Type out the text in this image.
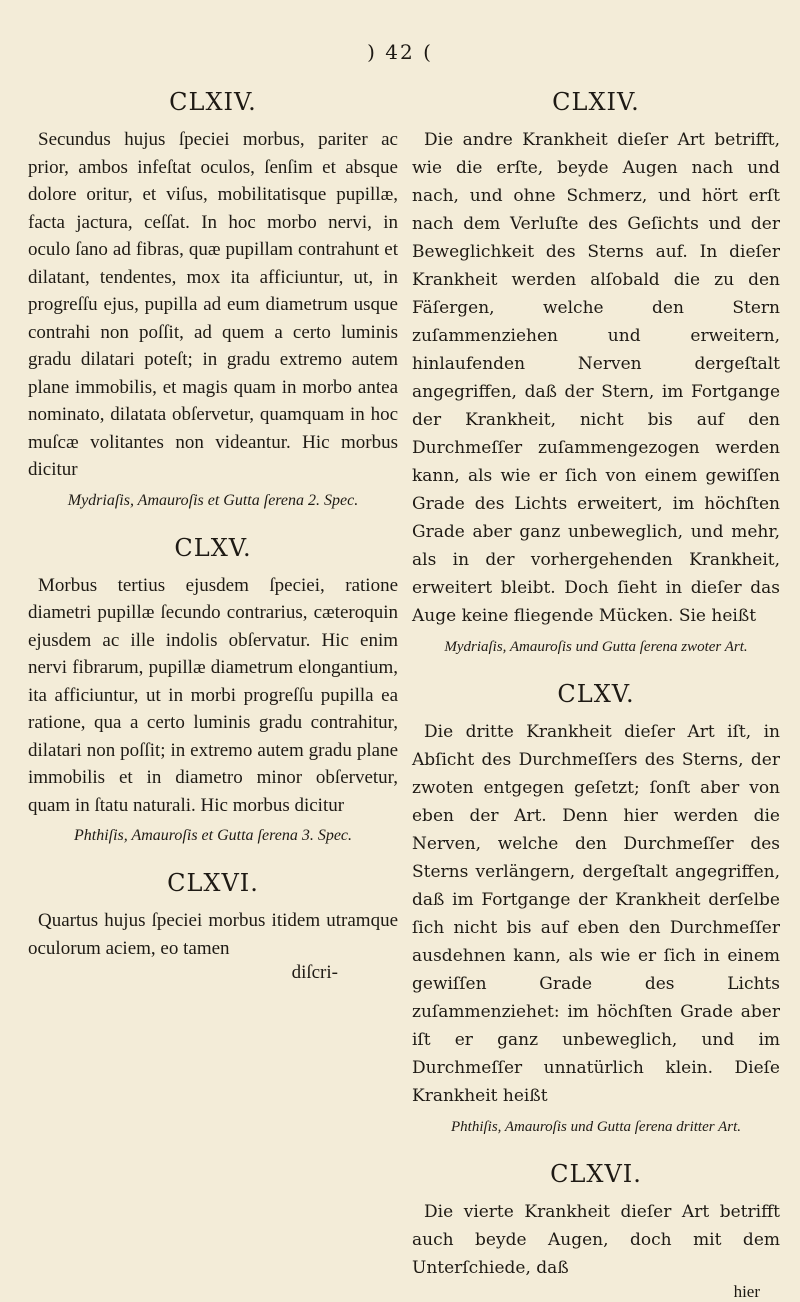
) 42 (
CLXIV.

Secundus hujus ſpeciei morbus, pariter ac prior, ambos infeſtat oculos, ſenſim et absque dolore oritur, et viſus, mobilitatisque pupillæ, facta jactura, ceſſat. In hoc morbo nervi, in oculo ſano ad fibras, quæ pupillam contrahunt et dilatant, tendentes, mox ita afficiuntur, ut, in progreſſu ejus, pupilla ad eum diametrum usque contrahi non poſſit, ad quem a certo luminis gradu dilatari poteſt; in gradu extremo autem plane immobilis, et magis quam in morbo antea nominato, dilatata obſervetur, quamquam in hoc muſcæ volitantes non videantur. Hic morbus dicitur

Mydriaſis, Amauroſis et Gutta ſerena 2. Spec.
CLXV.

Morbus tertius ejusdem ſpeciei, ratione diametri pupillæ ſecundo contrarius, cæteroquin ejusdem ac ille indolis obſervatur. Hic enim nervi fibrarum, pupillæ diametrum elongantium, ita afficiuntur, ut in morbi progreſſu pupilla ea ratione, qua a certo luminis gradu contrahitur, dilatari non poſſit; in extremo autem gradu plane immobilis et in diametro minor obſervetur, quam in ſtatu naturali. Hic morbus dicitur

Phthiſis, Amauroſis et Gutta ſerena 3. Spec.
CLXVI.

Quartus hujus ſpeciei morbus itidem utramque oculorum aciem, eo tamen

diſcri-
CLXIV.

Die andre Krankheit dieſer Art betrifft, wie die erſte, beyde Augen nach und nach, und ohne Schmerz, und hört erſt nach dem Verluſte des Geſichts und der Beweglichkeit des Sterns auf. In dieſer Krankheit werden alſobald die zu den Fäſergen, welche den Stern zuſammenziehen und erweitern, hinlaufenden Nerven dergeſtalt angegriffen, daß der Stern, im Fortgange der Krankheit, nicht bis auf den Durchmeſſer zuſammengezogen werden kann, als wie er ſich von einem gewiſſen Grade des Lichts erweitert, im höchſten Grade aber ganz unbeweglich, und mehr, als in der vorhergehenden Krankheit, erweitert bleibt. Doch ſieht in dieſer das Auge keine fliegende Mücken. Sie heißt

Mydriaſis, Amauroſis und Gutta ſerena zwoter Art.
CLXV.

Die dritte Krankheit dieſer Art iſt, in Abſicht des Durchmeſſers des Sterns, der zwoten entgegen geſetzt; ſonſt aber von eben der Art. Denn hier werden die Nerven, welche den Durchmeſſer des Sterns verlängern, dergeſtalt angegriffen, daß im Fortgange der Krankheit derſelbe ſich nicht bis auf eben den Durchmeſſer ausdehnen kann, als wie er ſich in einem gewiſſen Grade des Lichts zuſammenziehet: im höchſten Grade aber iſt er ganz unbeweglich, und im Durchmeſſer unnatürlich klein. Dieſe Krankheit heißt

Phthiſis, Amauroſis und Gutta ſerena dritter Art.
CLXVI.

Die vierte Krankheit dieſer Art betrifft auch beyde Augen, doch mit dem Unterſchiede, daß

hier
